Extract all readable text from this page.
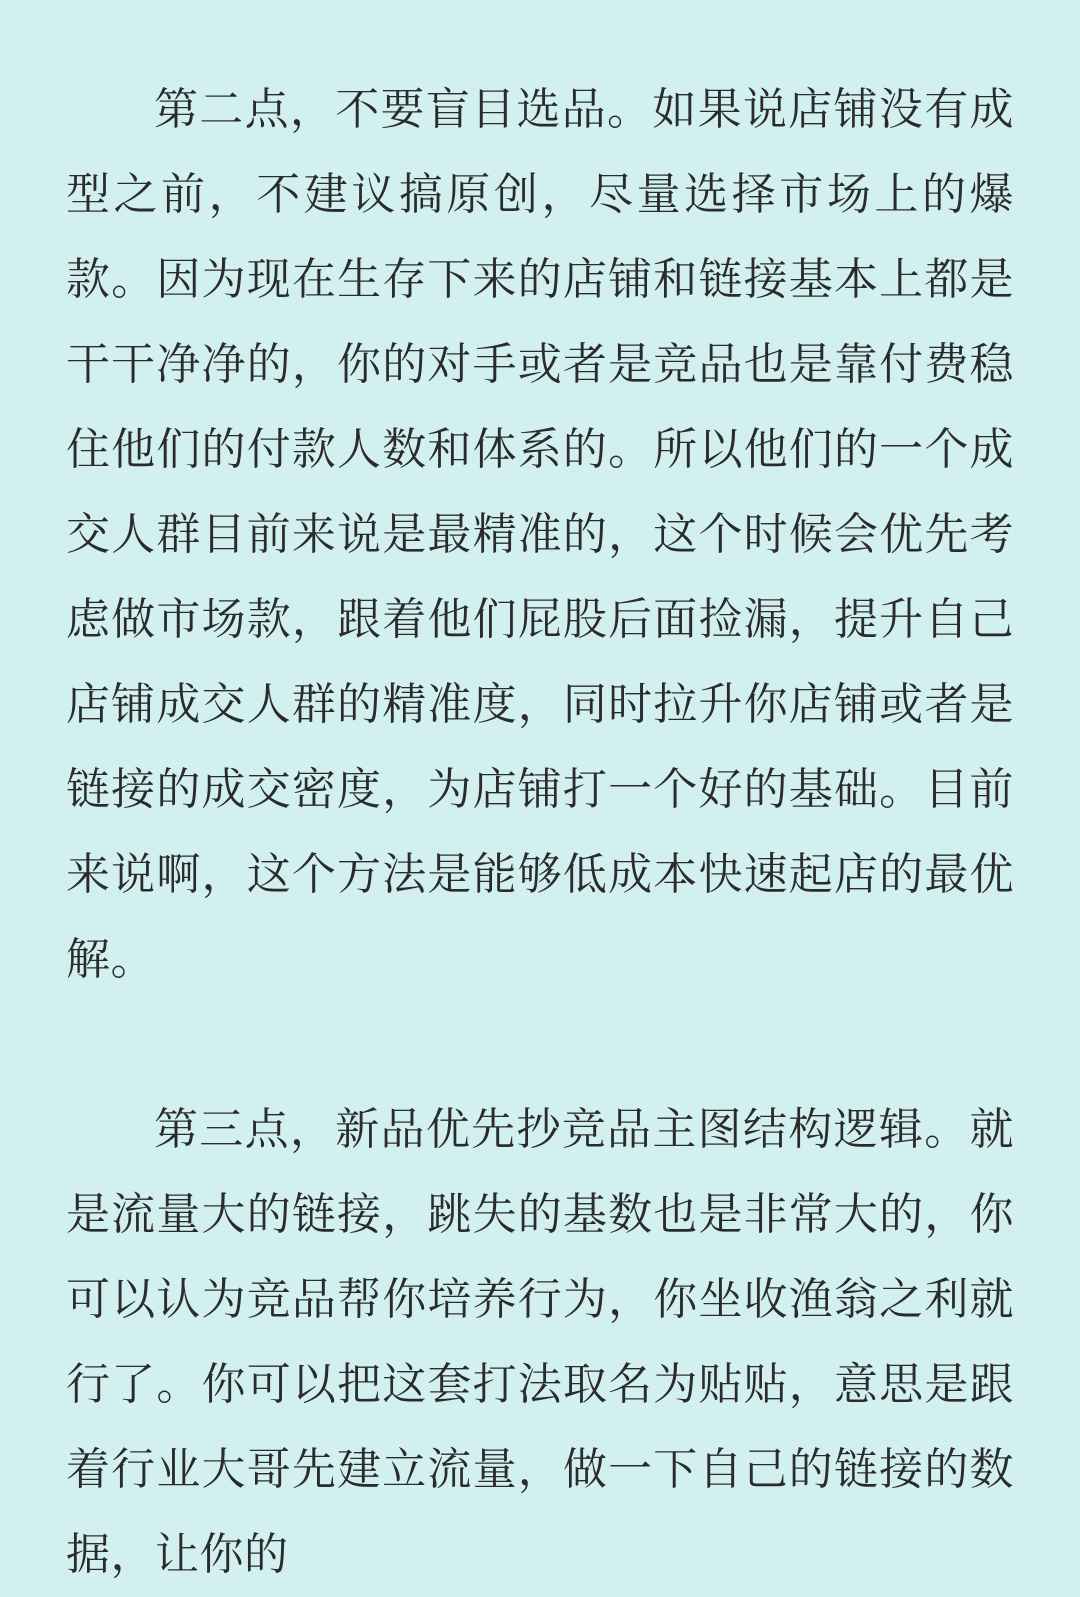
第二点，不要盲目选品。如果说店铺没有成型之前，不建议搞原创，尽量选择市场上的爆款。因为现在生存下来的店铺和链接基本上都是干干净净的，你的对手或者是竞品也是靠付费稳住他们的付款人数和体系的。所以他们的一个成交人群目前来说是最精准的，这个时候会优先考虑做市场款，跟着他们屁股后面捡漏，提升自己店铺成交人群的精准度，同时拉升你店铺或者是链接的成交密度，为店铺打一个好的基础。目前来说啊，这个方法是能够低成本快速起店的最优解。

第三点，新品优先抄竞品主图结构逻辑。就是流量大的链接，跳失的基数也是非常大的，你可以认为竞品帮你培养行为，你坐收渔翁之利就行了。你可以把这套打法取名为贴贴，意思是跟着行业大哥先建立流量，做一下自己的链接的数据，让你的
